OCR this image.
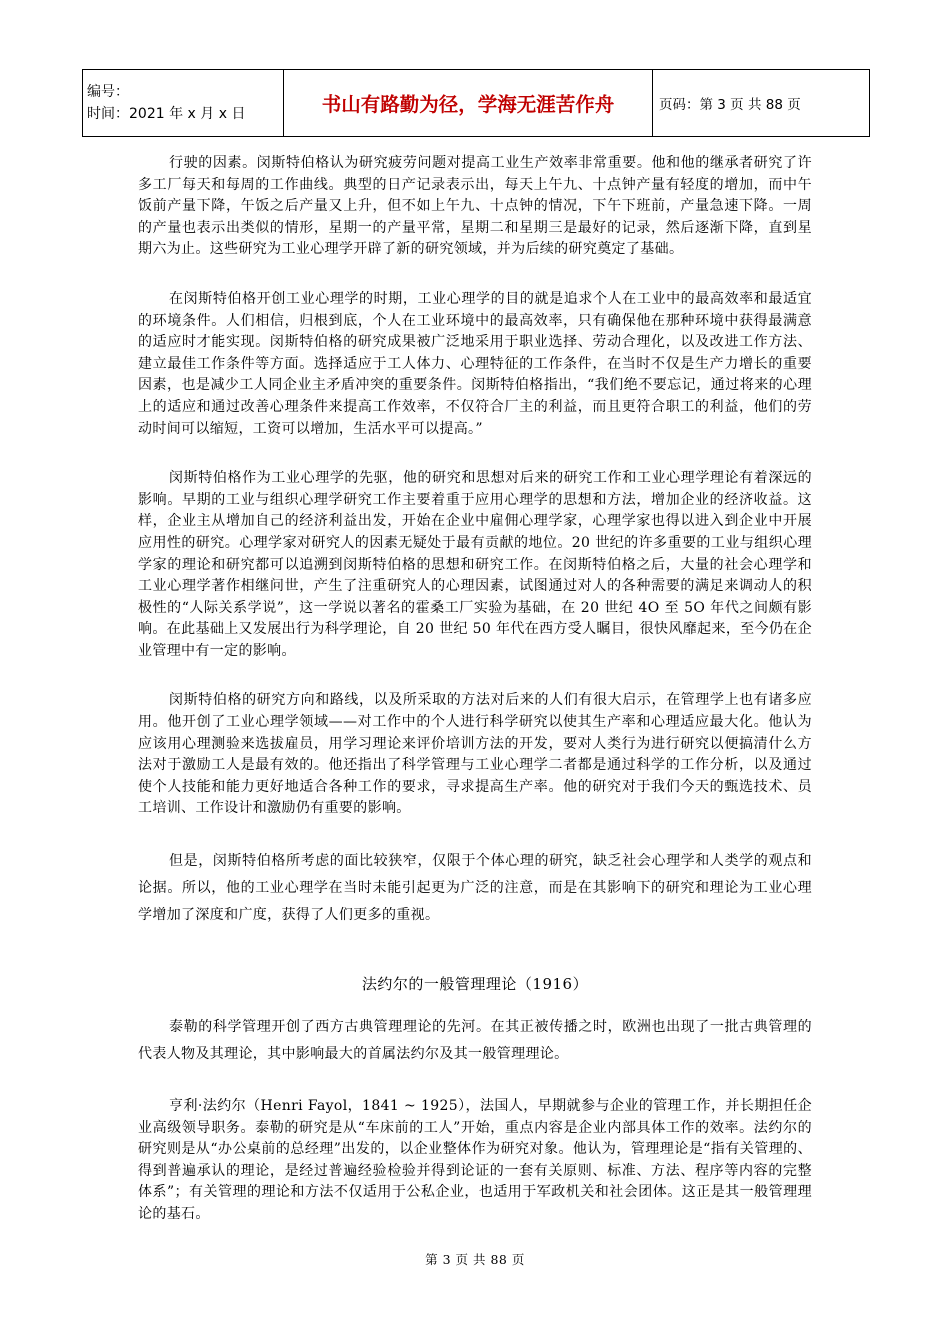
编号：
时间：2021 年 x 月 x 日	书山有路勤为径，学海无涯苦作舟	页码：第 3 页 共 88 页

行驶的因素。闵斯特伯格认为研究疲劳问题对提高工业生产效率非常重要。他和他的继承者研究了许多工厂每天和每周的工作曲线。典型的日产记录表示出，每天上午九、十点钟产量有轻度的增加，而中午饭前产量下降，午饭之后产量又上升，但不如上午九、十点钟的情况，下午下班前，产量急速下降。一周的产量也表示出类似的情形，星期一的产量平常，星期二和星期三是最好的记录，然后逐渐下降，直到星期六为止。这些研究为工业心理学开辟了新的研究领域，并为后续的研究奠定了基础。

在闵斯特伯格开创工业心理学的时期，工业心理学的目的就是追求个人在工业中的最高效率和最适宜的环境条件。人们相信，归根到底，个人在工业环境中的最高效率，只有确保他在那种环境中获得最满意的适应时才能实现。闵斯特伯格的研究成果被广泛地采用于职业选择、劳动合理化，以及改进工作方法、建立最佳工作条件等方面。选择适应于工人体力、心理特征的工作条件，在当时不仅是生产力增长的重要因素，也是减少工人同企业主矛盾冲突的重要条件。闵斯特伯格指出，“我们绝不要忘记，通过将来的心理上的适应和通过改善心理条件来提高工作效率，不仅符合厂主的利益，而且更符合职工的利益，他们的劳动时间可以缩短，工资可以增加，生活水平可以提高。”

闵斯特伯格作为工业心理学的先驱，他的研究和思想对后来的研究工作和工业心理学理论有着深远的影响。早期的工业与组织心理学研究工作主要着重于应用心理学的思想和方法，增加企业的经济收益。这样，企业主从增加自己的经济利益出发，开始在企业中雇佣心理学家，心理学家也得以进入到企业中开展应用性的研究。心理学家对研究人的因素无疑处于最有贡献的地位。20 世纪的许多重要的工业与组织心理学家的理论和研究都可以追溯到闵斯特伯格的思想和研究工作。在闵斯特伯格之后，大量的社会心理学和工业心理学著作相继问世，产生了注重研究人的心理因素，试图通过对人的各种需要的满足来调动人的积极性的“人际关系学说”，这一学说以著名的霍桑工厂实验为基础，在 20 世纪 4O 至 5O 年代之间颇有影响。在此基础上又发展出行为科学理论，自 20 世纪 50 年代在西方受人瞩目，很快风靡起来，至今仍在企业管理中有一定的影响。

闵斯特伯格的研究方向和路线，以及所采取的方法对后来的人们有很大启示，在管理学上也有诸多应用。他开创了工业心理学领域——对工作中的个人进行科学研究以使其生产率和心理适应最大化。他认为应该用心理测验来选拔雇员，用学习理论来评价培训方法的开发，要对人类行为进行研究以便搞清什么方法对于激励工人是最有效的。他还指出了科学管理与工业心理学二者都是通过科学的工作分析，以及通过使个人技能和能力更好地适合各种工作的要求，寻求提高生产率。他的研究对于我们今天的甄选技术、员工培训、工作设计和激励仍有重要的影响。

但是，闵斯特伯格所考虑的面比较狭窄，仅限于个体心理的研究，缺乏社会心理学和人类学的观点和论据。所以，他的工业心理学在当时未能引起更为广泛的注意，而是在其影响下的研究和理论为工业心理学增加了深度和广度，获得了人们更多的重视。

法约尔的一般管理理论（1916）

泰勒的科学管理开创了西方古典管理理论的先河。在其正被传播之时，欧洲也出现了一批古典管理的代表人物及其理论，其中影响最大的首属法约尔及其一般管理理论。

亨利·法约尔（Henri Fayol，1841 ~ 1925），法国人，早期就参与企业的管理工作，并长期担任企业高级领导职务。泰勒的研究是从“车床前的工人”开始，重点内容是企业内部具体工作的效率。法约尔的研究则是从“办公桌前的总经理”出发的，以企业整体作为研究对象。他认为，管理理论是“指有关管理的、得到普遍承认的理论，是经过普遍经验检验并得到论证的一套有关原则、标准、方法、程序等内容的完整体系”；有关管理的理论和方法不仅适用于公私企业，也适用于军政机关和社会团体。这正是其一般管理理论的基石。

第 3 页 共 88 页
